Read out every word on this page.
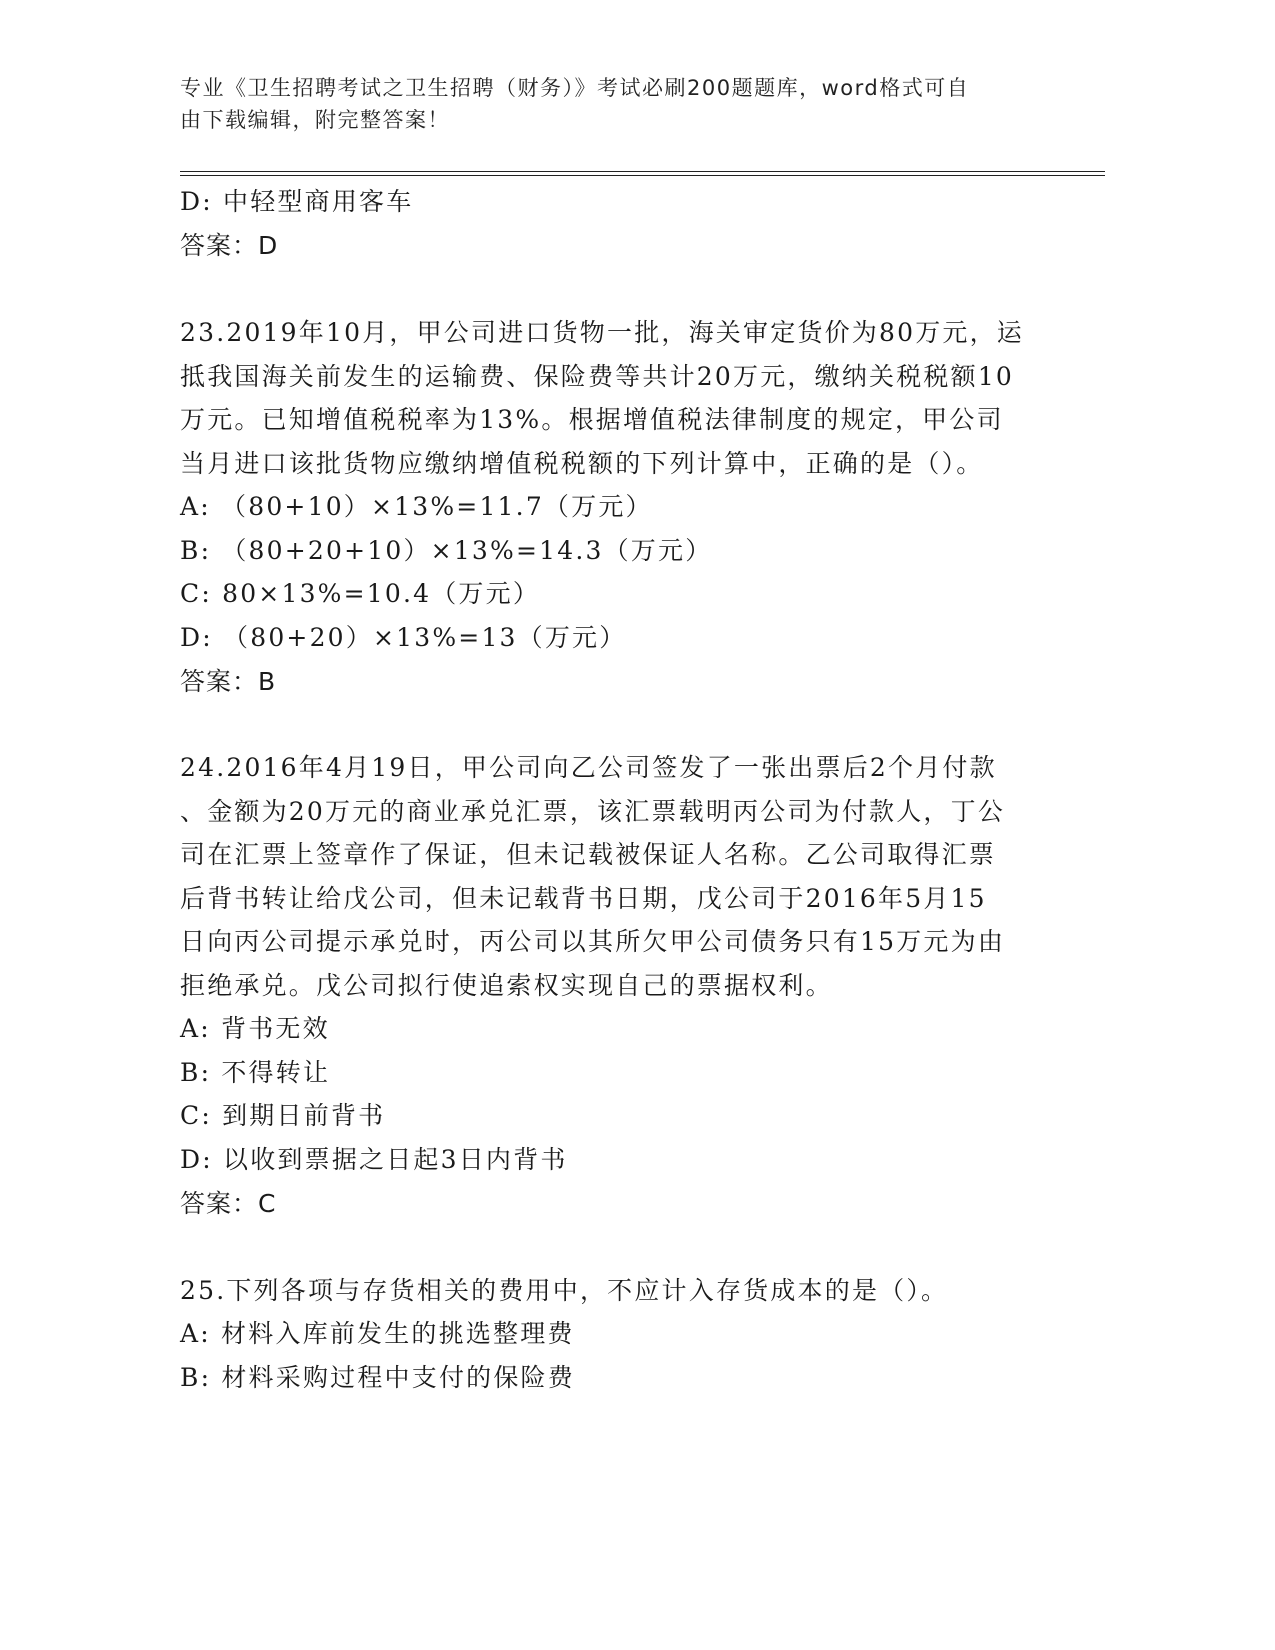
专业《卫生招聘考试之卫生招聘（财务）》考试必刷200题题库，word格式可自
由下载编辑，附完整答案！
D: 中轻型商用客车
答案：D
23.2019年10月，甲公司进口货物一批，海关审定货价为80万元，运
抵我国海关前发生的运输费、保险费等共计20万元，缴纳关税税额10
万元。已知增值税税率为13%。根据增值税法律制度的规定，甲公司
当月进口该批货物应缴纳增值税税额的下列计算中，正确的是（）。
A: （80+10）×13%=11.7（万元）
B: （80+20+10）×13%=14.3（万元）
C: 80×13%=10.4（万元）
D: （80+20）×13%=13（万元）
答案：B
24.2016年4月19日，甲公司向乙公司签发了一张出票后2个月付款
、金额为20万元的商业承兑汇票，该汇票载明丙公司为付款人，丁公
司在汇票上签章作了保证，但未记载被保证人名称。乙公司取得汇票
后背书转让给戊公司，但未记载背书日期，戊公司于2016年5月15
日向丙公司提示承兑时，丙公司以其所欠甲公司债务只有15万元为由
拒绝承兑。戊公司拟行使追索权实现自己的票据权利。
A: 背书无效
B: 不得转让
C: 到期日前背书
D: 以收到票据之日起3日内背书
答案：C
25.下列各项与存货相关的费用中，不应计入存货成本的是（）。
A: 材料入库前发生的挑选整理费
B: 材料采购过程中支付的保险费
